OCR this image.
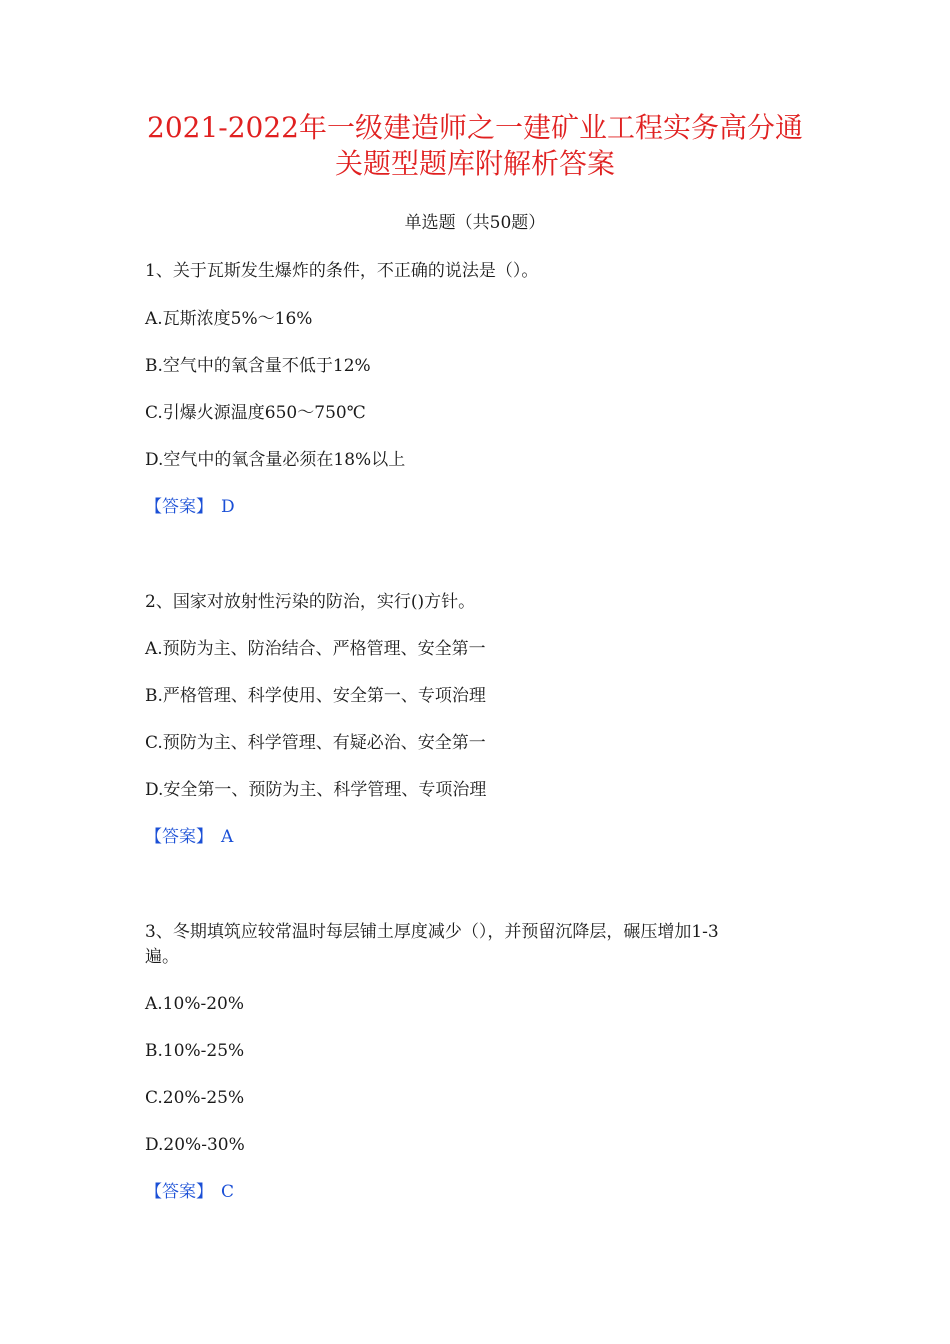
2021-2022年一级建造师之一建矿业工程实务高分通
关题型题库附解析答案
单选题（共50题）
1、关于瓦斯发生爆炸的条件，不正确的说法是（）。
A.瓦斯浓度5%～16%
B.空气中的氧含量不低于12%
C.引爆火源温度650～750℃
D.空气中的氧含量必须在18%以上
【答案】 D
2、国家对放射性污染的防治，实行()方针。
A.预防为主、防治结合、严格管理、安全第一
B.严格管理、科学使用、安全第一、专项治理
C.预防为主、科学管理、有疑必治、安全第一
D.安全第一、预防为主、科学管理、专项治理
【答案】 A
3、冬期填筑应较常温时每层铺土厚度减少（），并预留沉降层，碾压增加1-3
遍。
A.10%-20%
B.10%-25%
C.20%-25%
D.20%-30%
【答案】 C
